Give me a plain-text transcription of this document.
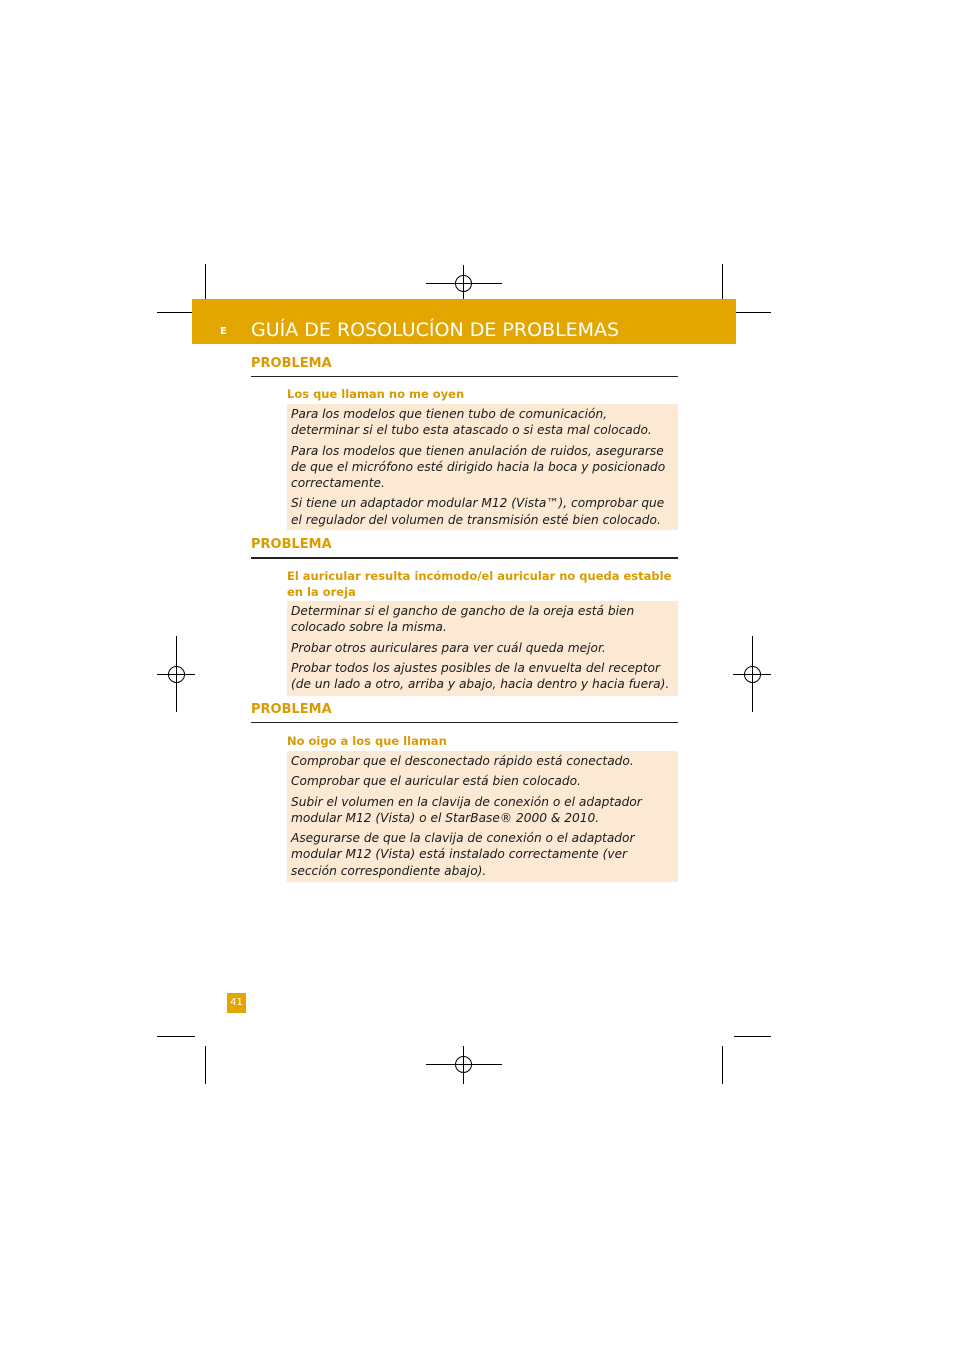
E GUÍA DE ROSOLUCÍON DE PROBLEMAS
PROBLEMA
Los que llaman no me oyen

Para los modelos que tienen tubo de comunicación, determinar si el tubo esta atascado o si esta mal colocado.

Para los modelos que tienen anulación de ruidos, asegurarse de que el micrófono esté dirigido hacia la boca y posicionado correctamente.

Si tiene un adaptador modular M12 (Vista™), comprobar que el regulador del volumen de transmisión esté bien colocado.

PROBLEMA
El auricular resulta incómodo/el auricular no queda estable en la oreja

Determinar si el gancho de gancho de la oreja está bien colocado sobre la misma.

Probar otros auriculares para ver cuál queda mejor.

Probar todos los ajustes posibles de la envuelta del receptor (de un lado a otro, arriba y abajo, hacia dentro y hacia fuera).

PROBLEMA
No oigo a los que llaman

Comprobar que el desconectado rápido está conectado.

Comprobar que el auricular está bien colocado.

Subir el volumen en la clavija de conexión o el adaptador modular M12 (Vista) o el StarBase® 2000 & 2010.

Asegurarse de que la clavija de conexión o el adaptador modular M12 (Vista) está instalado correctamente (ver sección correspondiente abajo).

41
